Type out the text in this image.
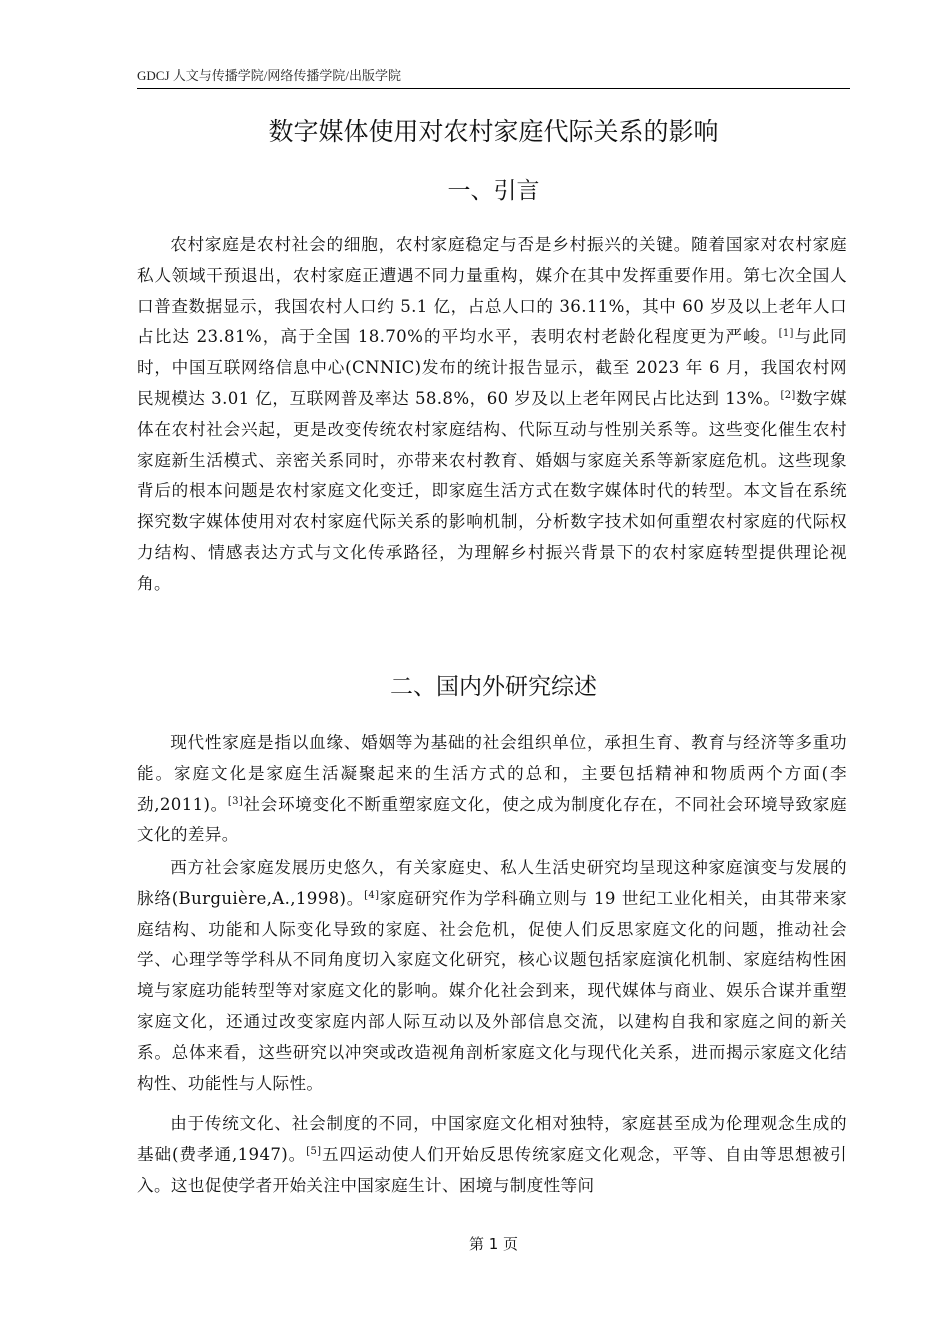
GDCJ 人文与传播学院/网络传播学院/出版学院
数字媒体使用对农村家庭代际关系的影响
一、引言

农村家庭是农村社会的细胞，农村家庭稳定与否是乡村振兴的关键。随着国家对农村家庭私人领域干预退出，农村家庭正遭遇不同力量重构，媒介在其中发挥重要作用。第七次全国人口普查数据显示，我国农村人口约 5.1 亿，占总人口的 36.11%，其中 60 岁及以上老年人口占比达 23.81%，高于全国 18.70%的平均水平，表明农村老龄化程度更为严峻。[1]与此同时，中国互联网络信息中心(CNNIC)发布的统计报告显示，截至 2023 年 6 月，我国农村网民规模达 3.01 亿，互联网普及率达 58.8%，60 岁及以上老年网民占比达到 13%。[2]数字媒体在农村社会兴起，更是改变传统农村家庭结构、代际互动与性别关系等。这些变化催生农村家庭新生活模式、亲密关系同时，亦带来农村教育、婚姻与家庭关系等新家庭危机。这些现象背后的根本问题是农村家庭文化变迁，即家庭生活方式在数字媒体时代的转型。本文旨在系统探究数字媒体使用对农村家庭代际关系的影响机制，分析数字技术如何重塑农村家庭的代际权力结构、情感表达方式与文化传承路径，为理解乡村振兴背景下的农村家庭转型提供理论视角。

二、国内外研究综述

现代性家庭是指以血缘、婚姻等为基础的社会组织单位，承担生育、教育与经济等多重功能。家庭文化是家庭生活凝聚起来的生活方式的总和，主要包括精神和物质两个方面(李劲,2011)。[3]社会环境变化不断重塑家庭文化，使之成为制度化存在，不同社会环境导致家庭文化的差异。

西方社会家庭发展历史悠久，有关家庭史、私人生活史研究均呈现这种家庭演变与发展的脉络(Burguière,A.,1998)。[4]家庭研究作为学科确立则与 19 世纪工业化相关，由其带来家庭结构、功能和人际变化导致的家庭、社会危机，促使人们反思家庭文化的问题，推动社会学、心理学等学科从不同角度切入家庭文化研究，核心议题包括家庭演化机制、家庭结构性困境与家庭功能转型等对家庭文化的影响。媒介化社会到来，现代媒体与商业、娱乐合谋并重塑家庭文化，还通过改变家庭内部人际互动以及外部信息交流，以建构自我和家庭之间的新关系。总体来看，这些研究以冲突或改造视角剖析家庭文化与现代化关系，进而揭示家庭文化结构性、功能性与人际性。

由于传统文化、社会制度的不同，中国家庭文化相对独特，家庭甚至成为伦理观念生成的基础(费孝通,1947)。[5]五四运动使人们开始反思传统家庭文化观念，平等、自由等思想被引入。这也促使学者开始关注中国家庭生计、困境与制度性等问

第 1 页
